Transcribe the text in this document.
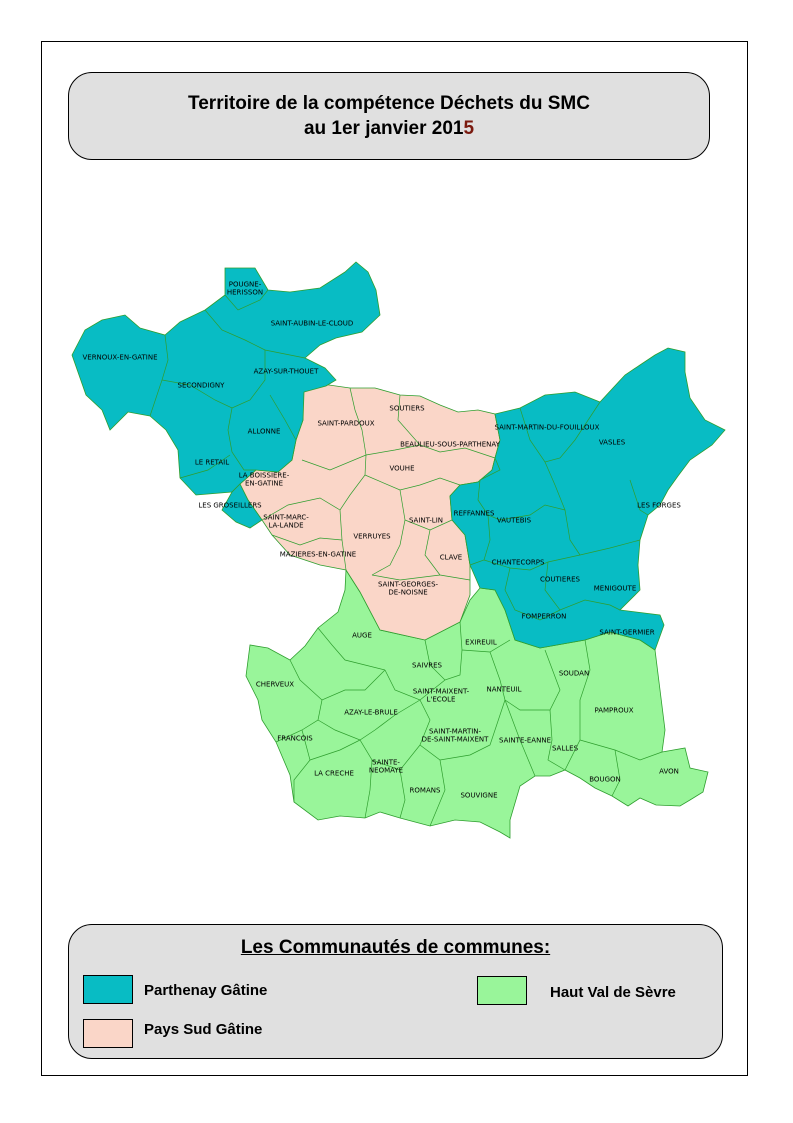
Territoire de la compétence Déchets du SMC
au 1er janvier 2015
POUGNE-HERISSON
SAINT-AUBIN-LE-CLOUD
VERNOUX-EN-GATINE
SECONDIGNY
AZAY-SUR-THOUET
ALLONNE
LE RETAIL
SAINT-PARDOUX
SOUTIERS
BEAULIEU-SOUS-PARTHENAY
LA BOISSIERE-EN-GATINE
LES GROSEILLERS
VOUHE
SAINT-MARC-LA-LANDE
VERRUYES
SAINT-LIN
MAZIERES-EN-GATINE	CLAVE
SAINT-GEORGES-DE-NOISNE
SAINT-MARTIN-DU-FOUILLOUX
VASLES
REFFANNES
VAUTEBIS
LES FORGES
CHANTECORPS
COUTIERES
MENIGOUTE
FOMPERRON
SAINT-GERMIER
AUGE
EXIREUIL
SAIVRES
SOUDAN
CHERVEUX
NANTEUIL
SAINT-MAIXENT-L'ECOLE
AZAY-LE-BRULE	PAMPROUX
FRANCOIS
SAINT-MARTIN-DE-SAINT-MAIXENT SAINTE-EANNE
SALLES
LA CRECHE
SAINTE-NEOMAYE
ROMANS
SOUVIGNE
BOUGON
AVON
Les Communautés de communes:
Parthenay Gâtine
Pays Sud Gâtine
Haut Val de Sèvre
